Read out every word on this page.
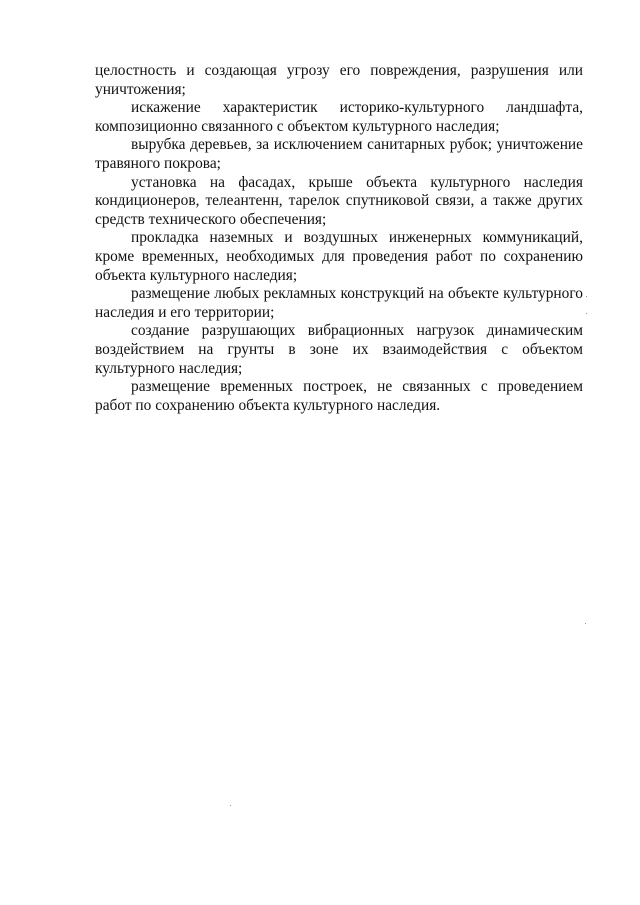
целостность и создающая угрозу его повреждения, разрушения или уничтожения;

искажение характеристик историко-культурного ландшафта, композиционно связанного с объектом культурного наследия;

вырубка деревьев, за исключением санитарных рубок; уничтожение травяного покрова;

установка на фасадах, крыше объекта культурного наследия кондиционеров, телеантенн, тарелок спутниковой связи, а также других средств технического обеспечения;

прокладка наземных и воздушных инженерных коммуникаций, кроме временных, необходимых для проведения работ по сохранению объекта культурного наследия;

размещение любых рекламных конструкций на объекте культурного наследия и его территории;

создание разрушающих вибрационных нагрузок динамическим воздействием на грунты в зоне их взаимодействия с объектом культурного наследия;

размещение временных построек, не связанных с проведением работ по сохранению объекта культурного наследия.
